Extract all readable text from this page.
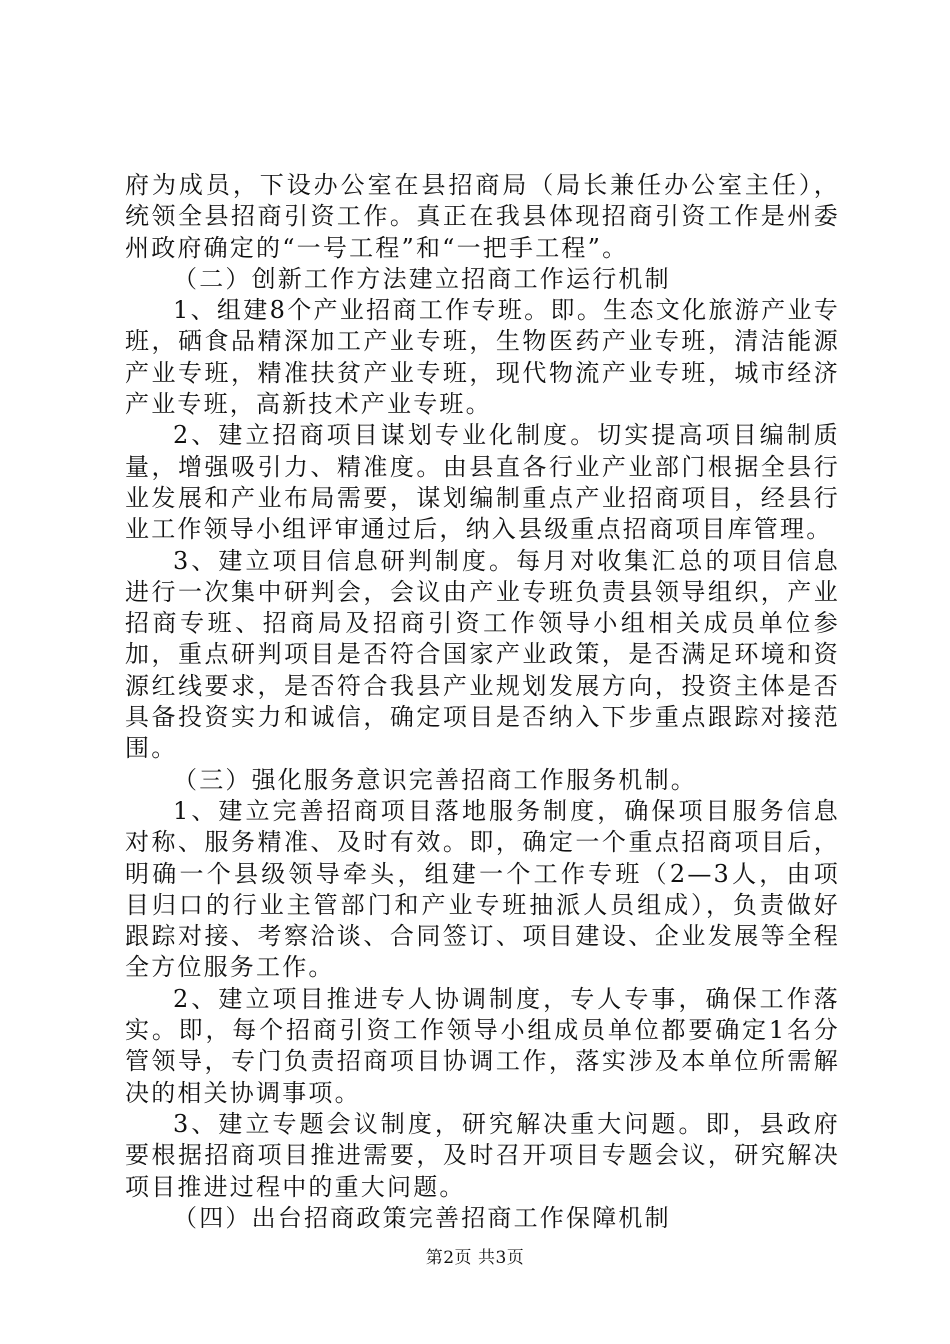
府为成员，下设办公室在县招商局（局长兼任办公室主任），统领全县招商引资工作。真正在我县体现招商引资工作是州委州政府确定的“一号工程”和“一把手工程”。

（二）创新工作方法建立招商工作运行机制

1、组建8个产业招商工作专班。即。生态文化旅游产业专班，硒食品精深加工产业专班，生物医药产业专班，清洁能源产业专班，精准扶贫产业专班，现代物流产业专班，城市经济产业专班，高新技术产业专班。

2、建立招商项目谋划专业化制度。切实提高项目编制质量，增强吸引力、精准度。由县直各行业产业部门根据全县行业发展和产业布局需要，谋划编制重点产业招商项目，经县行业工作领导小组评审通过后，纳入县级重点招商项目库管理。

3、建立项目信息研判制度。每月对收集汇总的项目信息进行一次集中研判会，会议由产业专班负责县领导组织，产业招商专班、招商局及招商引资工作领导小组相关成员单位参加，重点研判项目是否符合国家产业政策，是否满足环境和资源红线要求，是否符合我县产业规划发展方向，投资主体是否具备投资实力和诚信，确定项目是否纳入下步重点跟踪对接范围。

（三）强化服务意识完善招商工作服务机制。

1、建立完善招商项目落地服务制度，确保项目服务信息对称、服务精准、及时有效。即，确定一个重点招商项目后，明确一个县级领导牵头，组建一个工作专班（2—3人，由项目归口的行业主管部门和产业专班抽派人员组成），负责做好跟踪对接、考察洽谈、合同签订、项目建设、企业发展等全程全方位服务工作。

2、建立项目推进专人协调制度，专人专事，确保工作落实。即，每个招商引资工作领导小组成员单位都要确定1名分管领导，专门负责招商项目协调工作，落实涉及本单位所需解决的相关协调事项。

3、建立专题会议制度，研究解决重大问题。即，县政府要根据招商项目推进需要，及时召开项目专题会议，研究解决项目推进过程中的重大问题。

（四）出台招商政策完善招商工作保障机制

第2页 共3页
